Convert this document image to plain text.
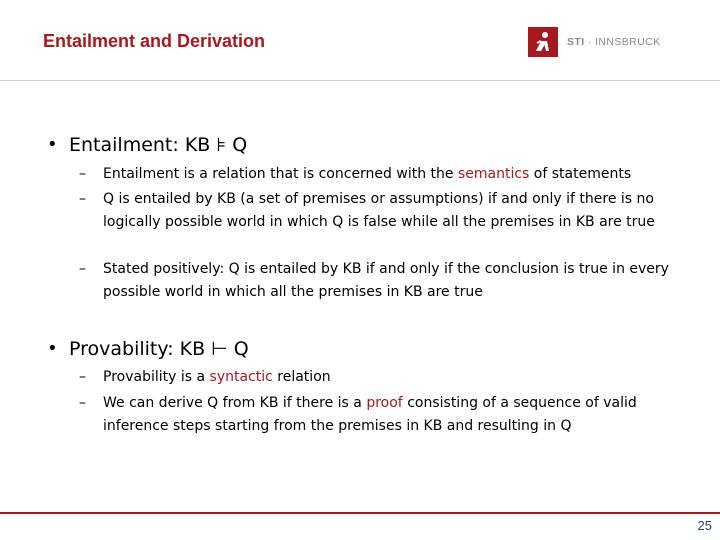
Entailment and Derivation	STI · INNSBRUCK
• Entailment: KB ⊧ Q
–	Entailment is a relation that is concerned with the semantics of statements
–	Q is entailed by KB (a set of premises or assumptions) if and only if there is no logically possible world in which Q is false while all the premises in KB are true
–	Stated positively: Q is entailed by KB if and only if the conclusion is true in every possible world in which all the premises in KB are true
• Provability: KB ⊢ Q
–	Provability is a syntactic relation
–	We can derive Q from KB if there is a proof consisting of a sequence of valid inference steps starting from the premises in KB and resulting in Q
25
